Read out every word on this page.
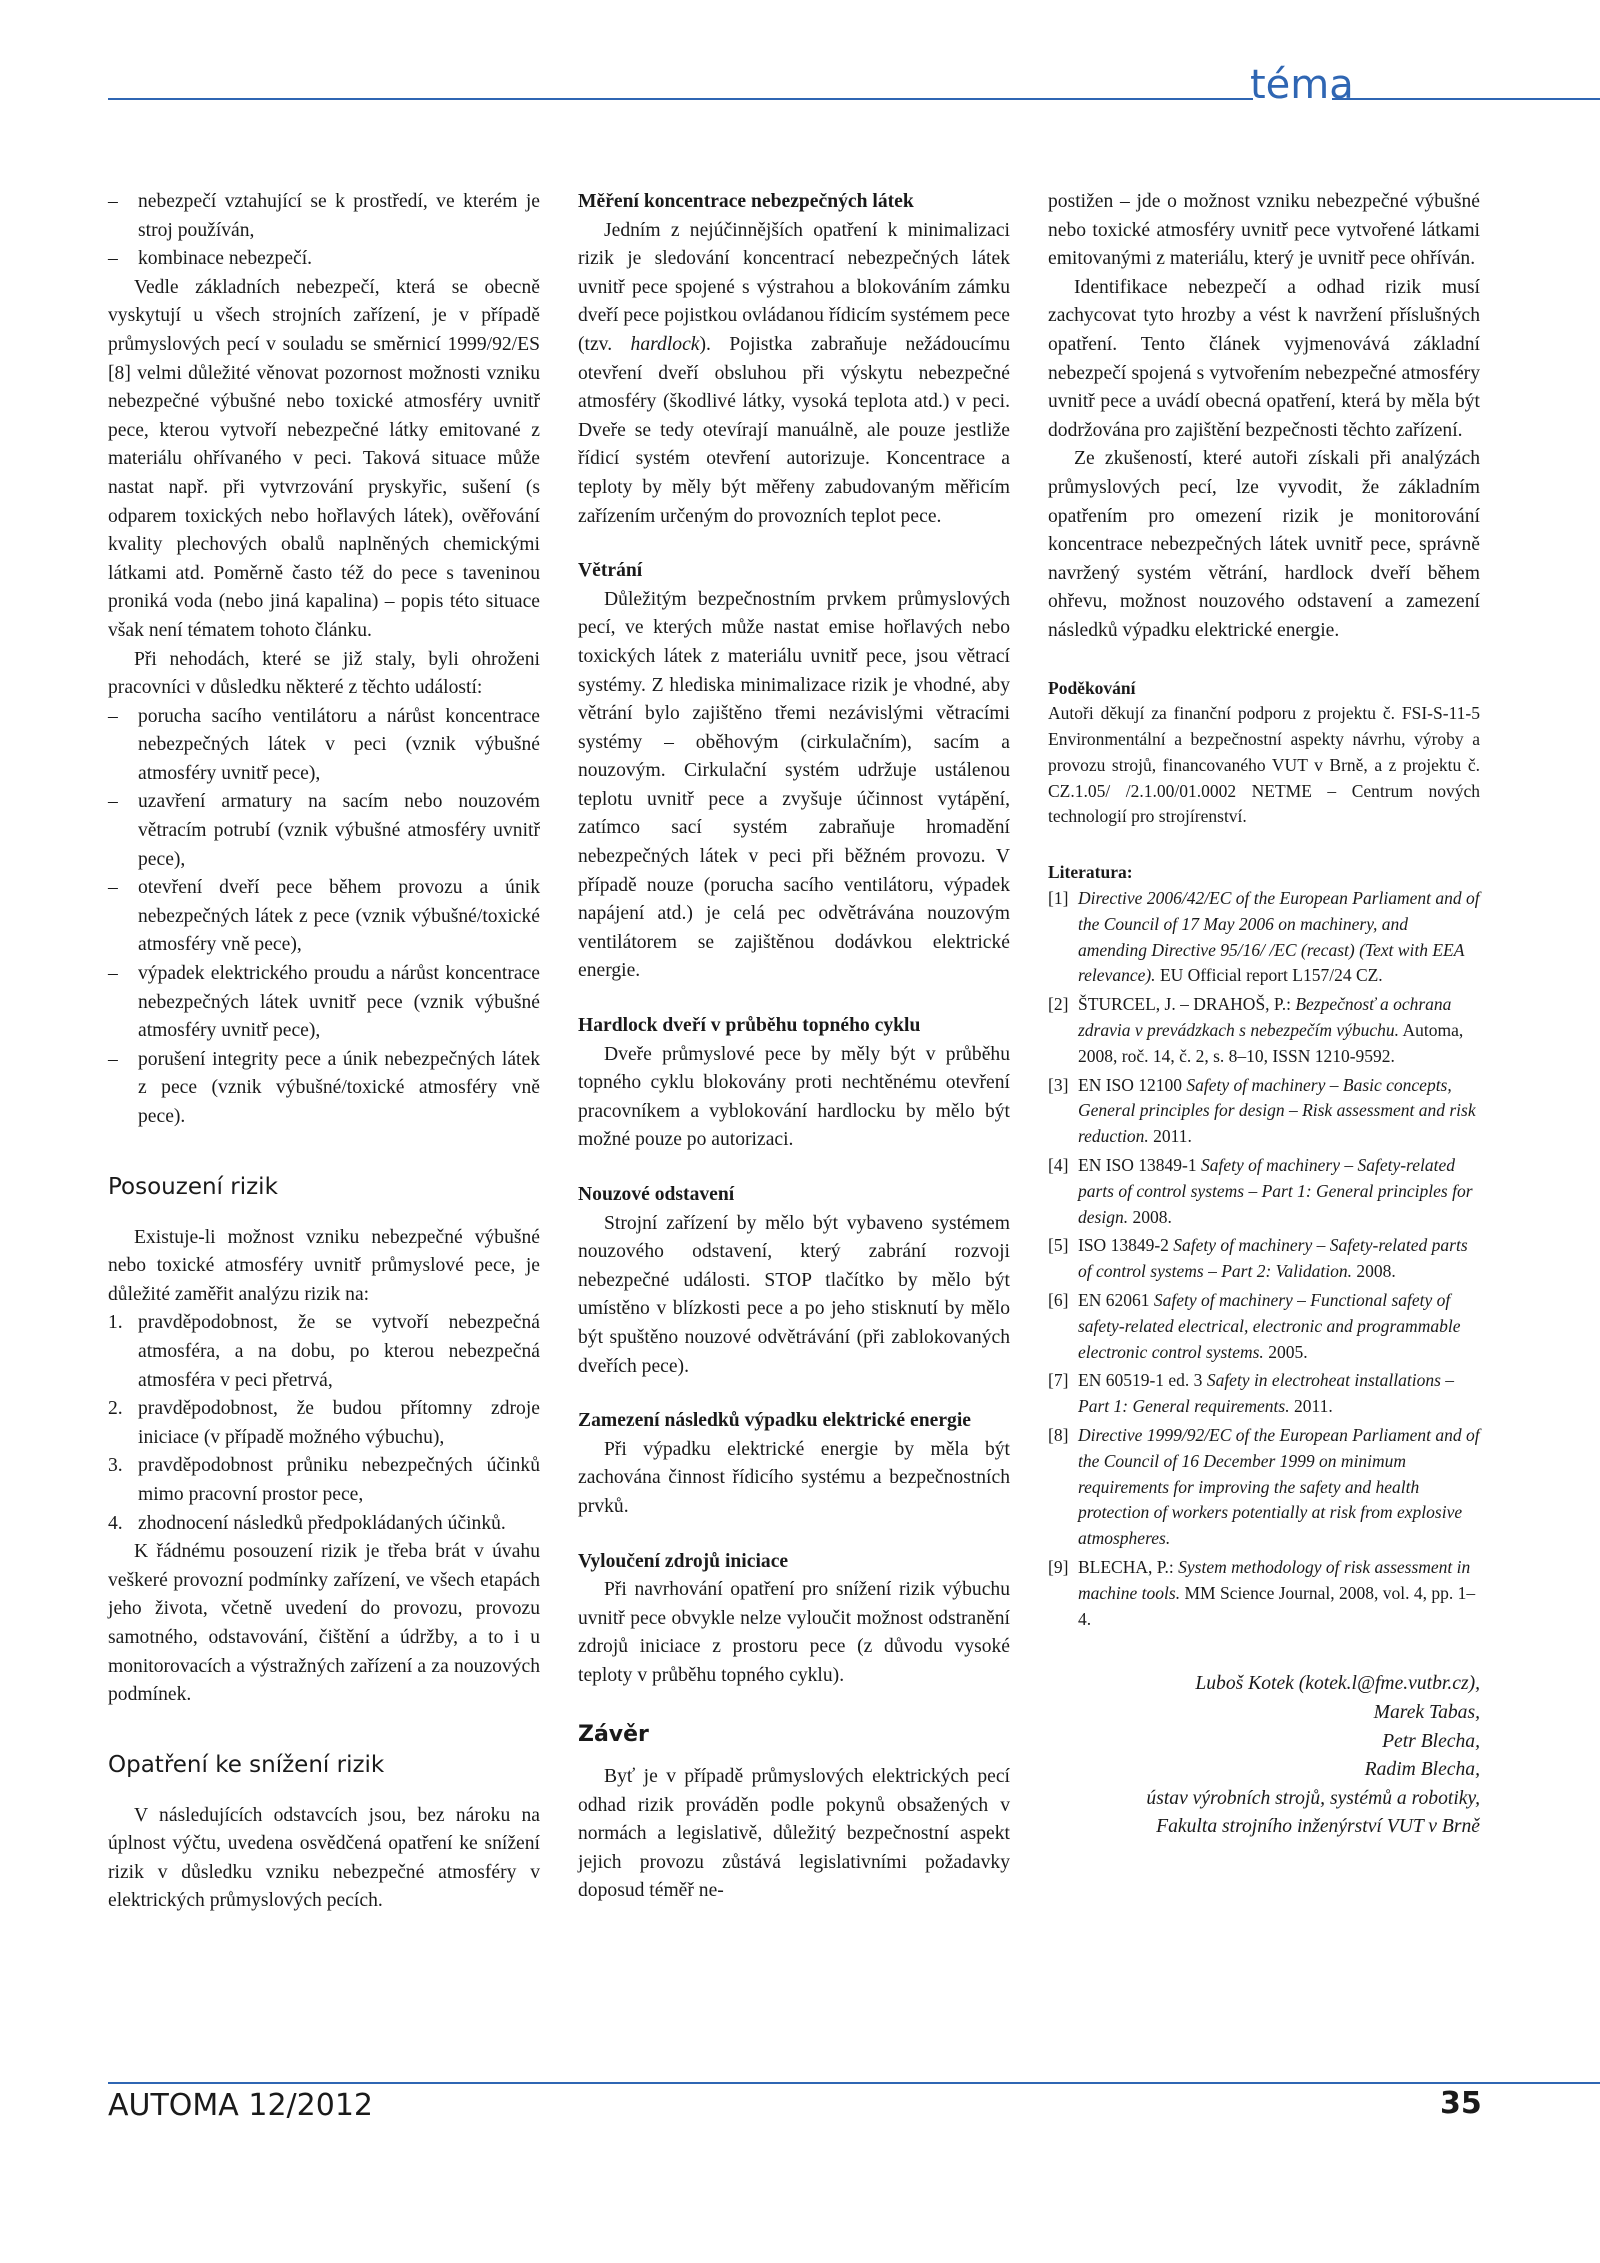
téma
– nebezpečí vztahující se k prostředí, ve kterém je stroj používán,
– kombinace nebezpečí.

Vedle základních nebezpečí, která se obecně vyskytují u všech strojních zařízení, je v případě průmyslových pecí v souladu se směrnicí 1999/92/ES [8] velmi důležité věnovat pozornost možnosti vzniku nebezpečné výbušné nebo toxické atmosféry uvnitř pece, kterou vytvoří nebezpečné látky emitované z materiálu ohřívaného v peci. Taková situace může nastat např. při vytvrzování pryskyřic, sušení (s odparem toxických nebo hořlavých látek), ověřování kvality plechových obalů naplněných chemickými látkami atd. Poměrně často též do pece s taveninou proniká voda (nebo jiná kapalina) – popis této situace však není tématem tohoto článku.

Při nehodách, které se již staly, byli ohroženi pracovníci v důsledku některé z těchto událostí:

– porucha sacího ventilátoru a nárůst koncentrace nebezpečných látek v peci (vznik výbušné atmosféry uvnitř pece),
– uzavření armatury na sacím nebo nouzovém větracím potrubí (vznik výbušné atmosféry uvnitř pece),
– otevření dveří pece během provozu a únik nebezpečných látek z pece (vznik výbušné/toxické atmosféry vně pece),
– výpadek elektrického proudu a nárůst koncentrace nebezpečných látek uvnitř pece (vznik výbušné atmosféry uvnitř pece),
– porušení integrity pece a únik nebezpečných látek z pece (vznik výbušné/toxické atmosféry vně pece).
Posouzení rizik

Existuje-li možnost vzniku nebezpečné výbušné nebo toxické atmosféry uvnitř průmyslové pece, je důležité zaměřit analýzu rizik na:

1. pravděpodobnost, že se vytvoří nebezpečná atmosféra, a na dobu, po kterou nebezpečná atmosféra v peci přetrvá,
2. pravděpodobnost, že budou přítomny zdroje iniciace (v případě možného výbuchu),
3. pravděpodobnost průniku nebezpečných účinků mimo pracovní prostor pece,
4. zhodnocení následků předpokládaných účinků.

K řádnému posouzení rizik je třeba brát v úvahu veškeré provozní podmínky zařízení, ve všech etapách jeho života, včetně uvedení do provozu, provozu samotného, odstavování, čištění a údržby, a to i u monitorovacích a výstražných zařízení a za nouzových podmínek.

Opatření ke snížení rizik

V následujících odstavcích jsou, bez nároku na úplnost výčtu, uvedena osvědčená opatření ke snížení rizik v důsledku vzniku nebezpečné atmosféry v elektrických průmyslových pecích.

Měření koncentrace nebezpečných látek

Jedním z nejúčinnějších opatření k minimalizaci rizik je sledování koncentrací nebezpečných látek uvnitř pece spojené s výstrahou a blokováním zámku dveří pece pojistkou ovládanou řídicím systémem pece (tzv. hardlock). Pojistka zabraňuje nežádoucímu otevření dveří obsluhou při výskytu nebezpečné atmosféry (škodlivé látky, vysoká teplota atd.) v peci. Dveře se tedy otevírají manuálně, ale pouze jestliže řídicí systém otevření autorizuje. Koncentrace a teploty by měly být měřeny zabudovaným měřicím zařízením určeným do provozních teplot pece.

Větrání

Důležitým bezpečnostním prvkem průmyslových pecí, ve kterých může nastat emise hořlavých nebo toxických látek z materiálu uvnitř pece, jsou větrací systémy. Z hlediska minimalizace rizik je vhodné, aby větrání bylo zajištěno třemi nezávislými větracími systémy – oběhovým (cirkulačním), sacím a nouzovým. Cirkulační systém udržuje ustálenou teplotu uvnitř pece a zvyšuje účinnost vytápění, zatímco sací systém zabraňuje hromadění nebezpečných látek v peci při běžném provozu. V případě nouze (porucha sacího ventilátoru, výpadek napájení atd.) je celá pec odvětrávána nouzovým ventilátorem se zajištěnou dodávkou elektrické energie.

Hardlock dveří v průběhu topného cyklu

Dveře průmyslové pece by měly být v průběhu topného cyklu blokovány proti nechtěnému otevření pracovníkem a vyblokování hardlocku by mělo být možné pouze po autorizaci.

Nouzové odstavení

Strojní zařízení by mělo být vybaveno systémem nouzového odstavení, který zabrání rozvoji nebezpečné události. STOP tlačítko by mělo být umístěno v blízkosti pece a po jeho stisknutí by mělo být spuštěno nouzové odvětrávání (při zablokovaných dveřích pece).

Zamezení následků výpadku elektrické energie

Při výpadku elektrické energie by měla být zachována činnost řídicího systému a bezpečnostních prvků.

Vyloučení zdrojů iniciace

Při navrhování opatření pro snížení rizik výbuchu uvnitř pece obvykle nelze vyloučit možnost odstranění zdrojů iniciace z prostoru pece (z důvodu vysoké teploty v průběhu topného cyklu).

Závěr

Byť je v případě průmyslových elektrických pecí odhad rizik prováděn podle pokynů obsažených v normách a legislativě, důležitý bezpečnostní aspekt jejich provozu zůstává legislativními požadavky doposud téměř ne-

postižen – jde o možnost vzniku nebezpečné výbušné nebo toxické atmosféry uvnitř pece vytvořené látkami emitovanými z materiálu, který je uvnitř pece ohříván.

Identifikace nebezpečí a odhad rizik musí zachycovat tyto hrozby a vést k navržení příslušných opatření. Tento článek vyjmenovává základní nebezpečí spojená s vytvořením nebezpečné atmosféry uvnitř pece a uvádí obecná opatření, která by měla být dodržována pro zajištění bezpečnosti těchto zařízení.

Ze zkušeností, které autoři získali při analýzách průmyslových pecí, lze vyvodit, že základním opatřením pro omezení rizik je monitorování koncentrace nebezpečných látek uvnitř pece, správně navržený systém větrání, hardlock dveří během ohřevu, možnost nouzového odstavení a zamezení následků výpadku elektrické energie.

Poděkování

Autoři děkují za finanční podporu z projektu č. FSI-S-11-5 Environmentální a bezpečnostní aspekty návrhu, výroby a provozu strojů, financovaného VUT v Brně, a z projektu č. CZ.1.05/ /2.1.00/01.0002 NETME – Centrum nových technologií pro strojírenství.

Literatura:
[1] Directive 2006/42/EC of the European Parliament and of the Council of 17 May 2006 on machinery, and amending Directive 95/16/ /EC (recast) (Text with EEA relevance). EU Official report L157/24 CZ.
[2] ŠTURCEL, J. – DRAHOŠ, P.: Bezpečnosť a ochrana zdravia v prevádzkach s nebezpečím výbuchu. Automa, 2008, roč. 14, č. 2, s. 8–10, ISSN 1210-9592.
[3] EN ISO 12100 Safety of machinery – Basic concepts, General principles for design – Risk assessment and risk reduction. 2011.
[4] EN ISO 13849-1 Safety of machinery – Safety-related parts of control systems – Part 1: General principles for design. 2008.
[5] ISO 13849-2 Safety of machinery – Safety-related parts of control systems – Part 2: Validation. 2008.
[6] EN 62061 Safety of machinery – Functional safety of safety-related electrical, electronic and programmable electronic control systems. 2005.
[7] EN 60519-1 ed. 3 Safety in electroheat installations – Part 1: General requirements. 2011.
[8] Directive 1999/92/EC of the European Parliament and of the Council of 16 December 1999 on minimum requirements for improving the safety and health protection of workers potentially at risk from explosive atmospheres.
[9] BLECHA, P.: System methodology of risk assessment in machine tools. MM Science Journal, 2008, vol. 4, pp. 1–4.
Luboš Kotek (kotek.l@fme.vutbr.cz),
Marek Tabas,
Petr Blecha,
Radim Blecha,
ústav výrobních strojů, systémů a robotiky,
Fakulta strojního inženýrství VUT v Brně
AUTOMA 12/2012	35
